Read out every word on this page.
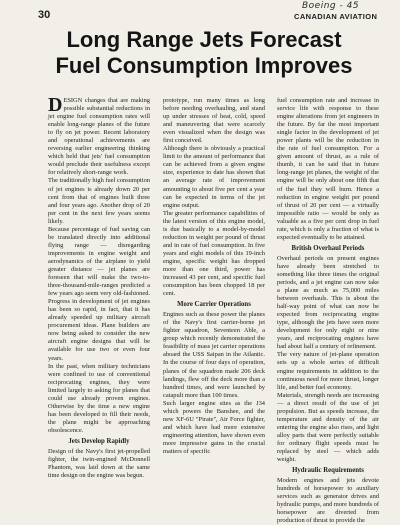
30
Boeing - 45
CANADIAN AVIATION
Long Range Jets Forecast
Fuel Consumption Improves

DESIGN changes that are making possible substantial reductions in jet engine fuel consumption rates will enable long-range planes of the future to fly on jet power. Recent laboratory and operational achievements are reversing earlier engineering thinking which held that jets' fuel consumption would preclude their usefulness except for relatively short-range work.

The traditionally high fuel consumption of jet engines is already down 20 per cent from that of engines built three and four years ago. Another drop of 20 per cent in the next few years seems likely.

Because percentage of fuel saving can be translated directly into additional flying range — disregarding improvements in engine weight and aerodynamics of the airplane to yield greater distance — jet planes are foreseen that will make the two-to-three-thousand-mile-ranges predicted a few years ago seem very old-fashioned. Progress in development of jet engines has been so rapid, in fact, that it has already speeded up military aircraft procurement ideas. Plane builders are now being asked to consider the new aircraft engine designs that will be available for use two or even four years.

In the past, when military technicians were confined to use of conventional reciprocating engines, they were limited largely to asking for planes that could use already proven engines. Otherwise by the time a new engine has been developed to fill their needs, the plane might be approaching obsolescence.

Jets Develop Rapidly

Design of the Navy's first jet-propelled fighter, the twin-engined McDonnell Phantom, was laid down at the same time design on the engine was begun.

prototype, run many times as long before needing overhauling, and stand up under stresses of heat, cold, speed and maneuvering that were scarcely even visualized when the design was first conceived.

Although there is obviously a practical limit to the amount of performance that can be achieved from a given engine size, experience to date has shown that an average rate of improvement amounting to about five per cent a year can be expected in terms of the jet engine output.

The greater performance capabilities of the latest version of this engine model, is due basically to a model-by-model reduction in weight per pound of thrust and in rate of fuel consumption. In five years and eight models of this 19-inch engine, specific weight has dropped more than one third, power has increased 43 per cent, and specific fuel consumption has been chopped 18 per cent.

More Carrier Operations

Engines such as these power the planes of the Navy's first carrier-borne jet fighter squadron, Seventeen Able, a group which recently demonstrated the feasibility of mass jet carrier operations aboard the USS Saipan in the Atlantic. In the course of four days of operation, planes of the squadron made 206 deck landings, flew off the deck more than a hundred times, and were launched by catapult more than 100 times.

Such larger engine sites as the J34 which powers the Banshee, and the new XF-6U "Pirate", Air Force fighter, and which have had more extensive engineering attention, have shown even more impressive gains in the crucial matters of specific

fuel consumption rate and increase in service life with response to these engine alterations from jet engineers in the future. By far the most important single factor in the development of jet power plants will be the reduction in the rate of fuel consumption. For a given amount of thrust, as a rule of thumb, it can be said that in future long-range jet planes, the weight of the engine will be only about one fifth that of the fuel they will burn. Hence a reduction in engine weight per pound of thrust of 20 per cent — a virtually impossible ratio — would be only as valuable as a five per cent drop in fuel rate, which is only a fraction of what is expected eventually to be attained.

British Overhaul Periods

Overhaul periods on present engines have already been stretched to something like three times the original periods, and a jet engine can now take a plane as much as 75,000 miles between overhauls. This is about the half-way point of what can now be expected from reciprocating engine type, although the jets have seen more development for only eight or nine years, and reciprocating engines have had about half a century of refinement.

The very nature of jet-plane operation sets up a whole series of difficult engine requirements in addition to the continuous need for more thrust, longer life, and better fuel economy.

Materials, strength needs are increasing — a direct result of the use of jet propulsion. But as speeds increase, the temperature and density of the air entering the engine also rises, and light alloy parts that were perfectly suitable for ordinary flight speeds must be replaced by steel — which adds weight.

Hydraulic Requirements

Modern engines and jets devote hundreds of horsepower to auxiliary services such as generator drives and hydraulic pumps, and more hundreds of horsepower are diverted from production of thrust to provide the
